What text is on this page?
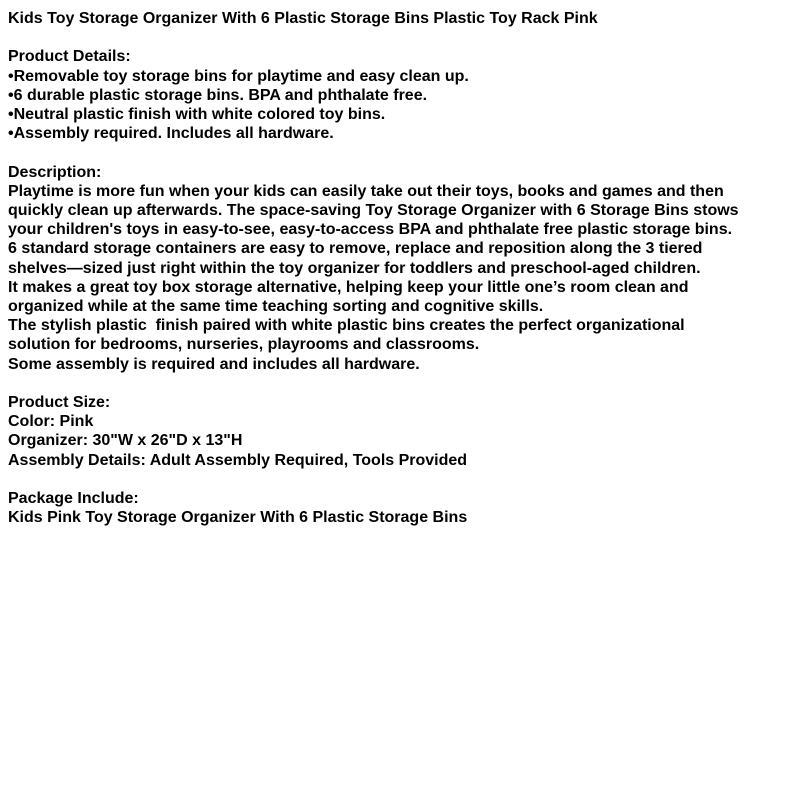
Kids Toy Storage Organizer With 6 Plastic Storage Bins Plastic Toy Rack Pink
Product Details:
•Removable toy storage bins for playtime and easy clean up.
•6 durable plastic storage bins. BPA and phthalate free.
•Neutral plastic finish with white colored toy bins.
•Assembly required. Includes all hardware.
Description:
Playtime is more fun when your kids can easily take out their toys, books and games and then
quickly clean up afterwards. The space-saving Toy Storage Organizer with 6 Storage Bins stows
your children's toys in easy-to-see, easy-to-access BPA and phthalate free plastic storage bins.
6 standard storage containers are easy to remove, replace and reposition along the 3 tiered
shelves—sized just right within the toy organizer for toddlers and preschool-aged children.
It makes a great toy box storage alternative, helping keep your little one’s room clean and
organized while at the same time teaching sorting and cognitive skills.
The stylish plastic  finish paired with white plastic bins creates the perfect organizational
solution for bedrooms, nurseries, playrooms and classrooms.
Some assembly is required and includes all hardware.
Product Size:
Color: Pink
Organizer: 30"W x 26"D x 13"H
Assembly Details: Adult Assembly Required, Tools Provided
Package Include:
Kids Pink Toy Storage Organizer With 6 Plastic Storage Bins
